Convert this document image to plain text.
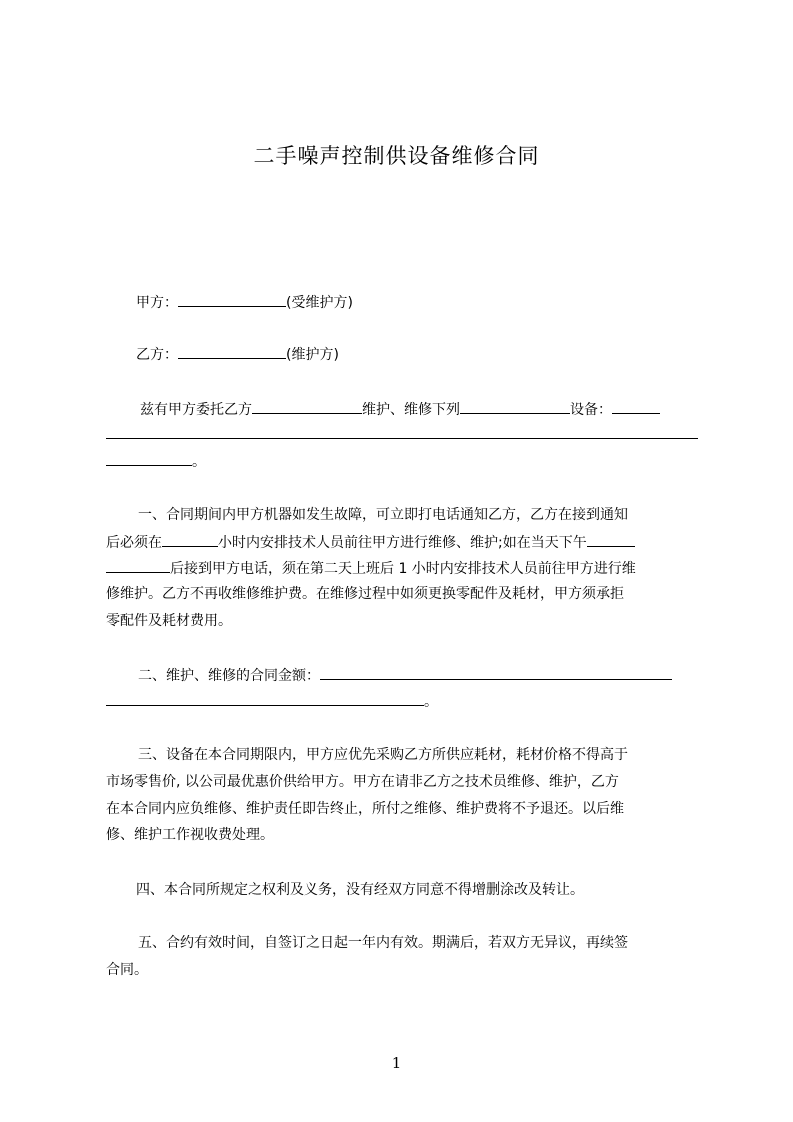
二手噪声控制供设备维修合同
甲方：	(受维护方)
乙方：	(维护方)
兹有甲方委托乙方	维护、维修下列	设备：
。
一、合同期间内甲方机器如发生故障，可立即打电话通知乙方，乙方在接到通知
后必须在	小时内安排技术人员前往甲方进行维修、维护;如在当天下午
后接到甲方电话，须在第二天上班后 1 小时内安排技术人员前往甲方进行维
修维护。乙方不再收维修维护费。在维修过程中如须更换零配件及耗材，甲方须承拒
零配件及耗材费用。
二、维护、维修的合同金额：
。
三、设备在本合同期限内，甲方应优先采购乙方所供应耗材，耗材价格不得高于
市场零售价, 以公司最优惠价供给甲方。甲方在请非乙方之技术员维修、维护，乙方
在本合同内应负维修、维护责任即告终止，所付之维修、维护费将不予退还。以后维
修、维护工作视收费处理。
四、本合同所规定之权利及义务，没有经双方同意不得增删涂改及转让。
五、合约有效时间，自签订之日起一年内有效。期满后，若双方无异议，再续签
合同。
1
